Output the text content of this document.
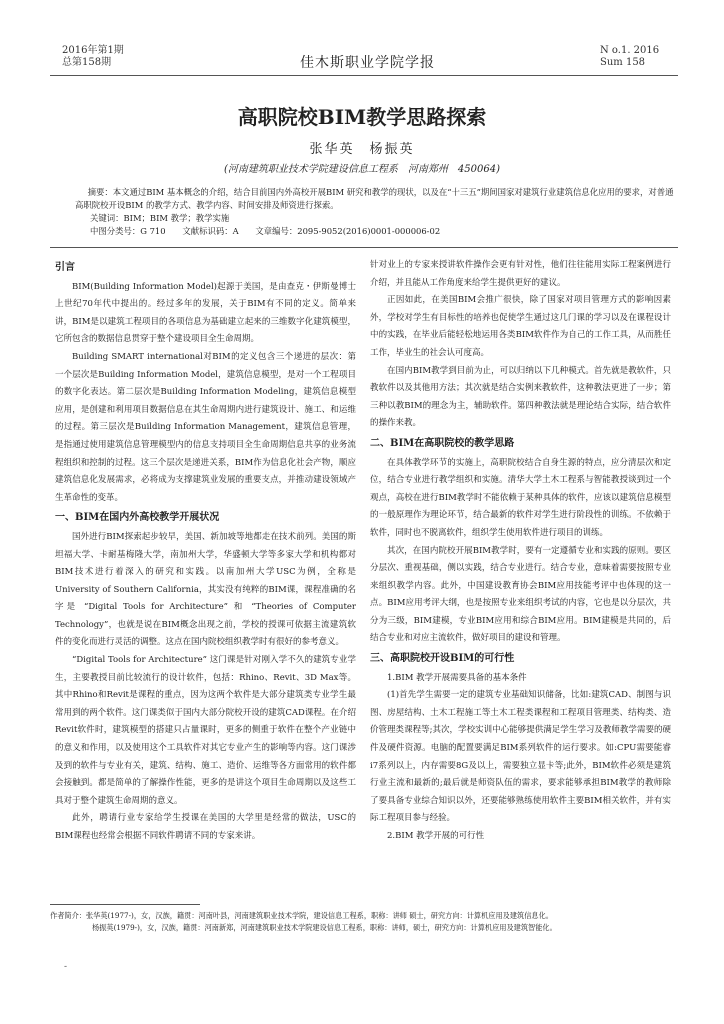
2016年第1期
总第158期	佳木斯职业学院学报
N o.1. 2016
Sum 158
高职院校BIM教学思路探索
张华英　杨振英
(河南建筑职业技术学院建设信息工程系　河南郑州　450064)
摘要：本文通过BIM 基本概念的介绍，结合目前国内外高校开展BIM 研究和教学的现状，以及在“十三五”期间国家对建筑行业建筑信息化应用的要求，对普通高职院校开设BIM 的教学方式、教学内容、时间安排及师资进行探索。
关键词：BIM；BIM 教学；教学实施
中图分类号：G 710　　文献标识码：A　　文章编号：2095-9052(2016)0001-000006-02
引言

BIM(Building Information Model)起源于美国，是由查克・伊斯曼博士上世纪70年代中提出的。经过多年的发展，关于BIM有不同的定义。简单来讲，BIM是以建筑工程项目的各项信息为基础建立起来的三维数字化建筑模型，它所包含的数据信息贯穿于整个建设项目全生命周期。

Building SMART international对BIM的定义包含三个递进的层次：第一个层次是Building Information Model，建筑信息模型，是对一个工程项目的数字化表达。第二层次是Building Information Modeling，建筑信息模型应用，是创建和利用项目数据信息在其生命周期内进行建筑设计、施工、和运维的过程。第三层次是Building Information Management，建筑信息管理，是指通过使用建筑信息管理模型内的信息支持项目全生命周期信息共享的业务流程组织和控制的过程。这三个层次是递进关系，BIM作为信息化社会产物，顺应建筑信息化发展需求，必将成为支撑建筑业发展的重要支点，并推动建设领域产生革命性的变革。

一、BIM在国内外高校教学开展状况

国外进行BIM探索起步较早，美国、新加坡等地都走在技术前列。美国的斯坦福大学、卡耐基梅隆大学，南加州大学，华盛顿大学等多家大学和机构都对BIM技术进行着深入的研究和实践。以南加州大学USC为例，全称是University of Southern California，其实没有纯粹的BIM课，课程准确的名字是 “Digital Tools for Architecture” 和 “Theories of Computer Technology”，也就是说在BIM概念出现之前，学校的授课可依据主流建筑软件的变化而进行灵活的调整。这点在国内院校组织教学时有很好的参考意义。

“Digital Tools for Architecture” 这门课是针对刚入学不久的建筑专业学生，主要教授目前比较流行的设计软件，包括：Rhino、Revit、3D Max等。其中Rhino和Revit是课程的重点，因为这两个软件是大部分建筑类专业学生最常用到的两个软件。这门课类似于国内大部分院校开设的建筑CAD课程。在介绍Revit软件时，建筑模型的搭建只占量课时，更多的侧重于软件在整个产业链中的意义和作用，以及使用这个工具软件对其它专业产生的影响等内容。这门课涉及到的软件与专业有关，建筑、结构、施工、造价、运维等各方面常用的软件都会接触到。都是简单的了解操作性能，更多的是讲这个项目生命周期以及这些工具对于整个建筑生命周期的意义。

此外，聘请行业专家给学生授课在美国的大学里是经常的做法，USC的BIM课程也经常会根据不同软件聘请不同的专家来讲。

针对业上的专家来授讲软件操作会更有针对性，他们往往能用实际工程案例进行介绍，并且能从工作角度来给学生提供更好的建议。

正因如此，在美国BIM会推广很快，除了国家对项目管理方式的影响因素外，学校对学生有目标性的培养也促使学生通过这几门课的学习以及在课程设计中的实践，在毕业后能轻松地运用各类BIM软件作为自己的工作工具，从而胜任工作，毕业生的社会认可度高。

在国内BIM教学到目前为止，可以归纳以下几种模式。首先就是教软件，只教软件以及其他用方法；其次就是结合实例来教软件，这种教法更进了一步；第三种以教BIM的理念为主，辅助软件。第四种教法就是理论结合实际，结合软件的操作来教。

二、BIM在高职院校的教学思路

在具体教学环节的实施上，高职院校结合自身生源的特点，应分清层次和定位，结合专业进行教学组织和实施。清华大学土木工程系与智能教授谈到过一个观点，高校在进行BIM教学时不能依赖于某种具体的软件，应该以建筑信息模型的一般原理作为理论环节，结合最新的软件对学生进行阶段性的训练。不依赖于软件，同时也不脱离软件，组织学生使用软件进行项目的训练。

其次，在国内院校开展BIM教学时，要有一定遵循专业和实践的原则。要区分层次、重视基础，侧以实践，结合专业进行。结合专业，意味着需要按照专业来组织教学内容。此外，中国建设教育协会BIM应用技能考评中也体现的这一点。BIM应用考评大纲，也是按照专业来组织考试的内容，它也是以分层次，共分为三级，BIM建模，专业BIM应用和综合BIM应用。BIM建模是共同的，后结合专业和对应主流软件，做好项目的建设和管理。

三、高职院校开设BIM的可行性
1.BIM 教学开展需要具备的基本条件

(1)首先学生需要一定的建筑专业基础知识储备，比如:建筑CAD、制图与识图、房屋结构、土木工程施工等土木工程类课程和工程项目管理类、结构类、造价管理类课程等;其次，学校实训中心能够提供满足学生学习及教师教学需要的硬件及硬件资源。电脑的配置要满足BIM系列软件的运行要求。如:CPU需要能睿i7系列以上，内存需要8G及以上，需要独立显卡等;此外，BIM软件必须是建筑行业主流和最新的;最后就是师资队伍的需求，要求能够承担BIM教学的教师除了要具备专业综合知识以外，还要能够熟练使用软件主要BIM相关软件，并有实际工程项目参与经验。

2.BIM 教学开展的可行性
作者简介：张华英(1977-)，女，汉族，籍贯：河南叶县，河南建筑职业技术学院，建设信息工程系，职称：讲师 硕士，研究方向：计算机应用及建筑信息化。
杨振英(1979-)，女，汉族，籍贯：河南新郑，河南建筑职业技术学院建设信息工程系，职称：讲师，硕士，研究方向：计算机应用及建筑智能化。
-
